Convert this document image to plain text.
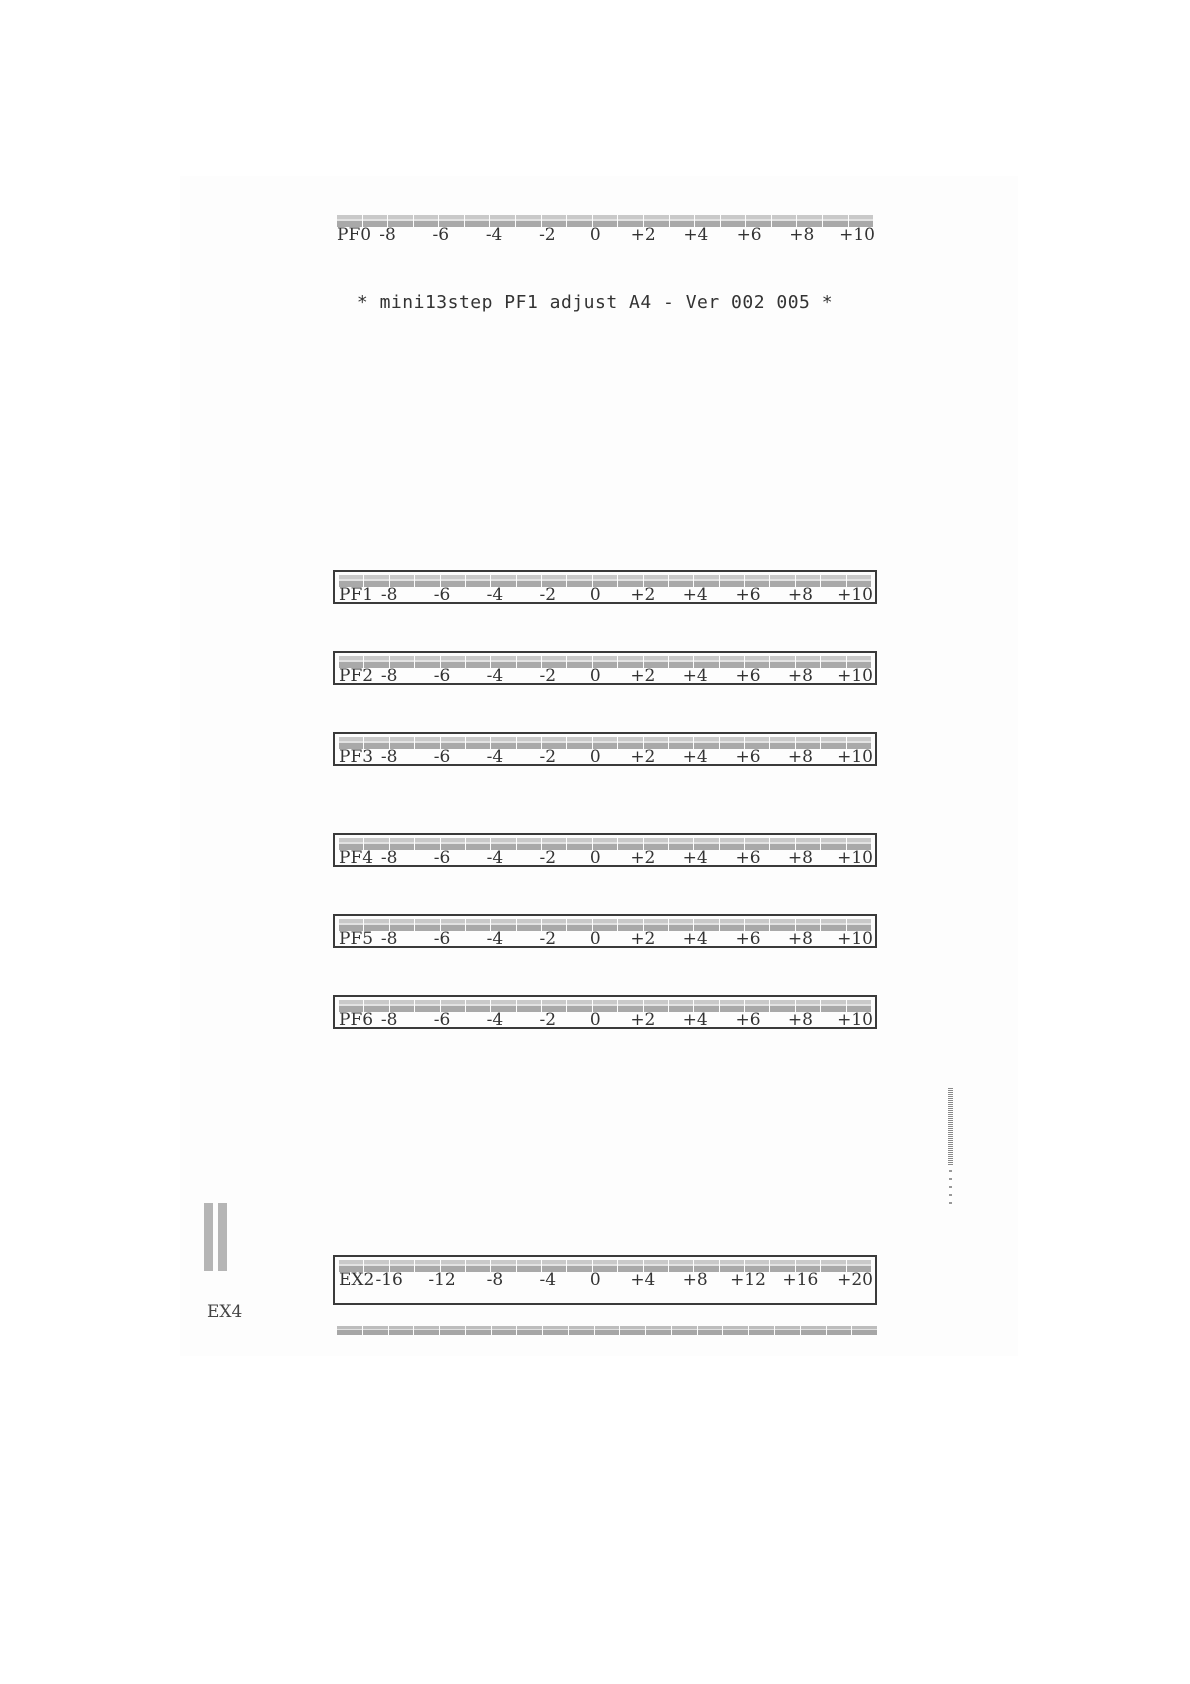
PF0 -8 -6 -4 -2 0 +2 +4 +6 +8 +10
* mini13step PF1 adjust A4 - Ver 002 005 *
PF1 -8 -6 -4 -2 0 +2 +4 +6 +8 +10
PF2 -8 -6 -4 -2 0 +2 +4 +6 +8 +10
PF3 -8 -6 -4 -2 0 +2 +4 +6 +8 +10
PF4 -8 -6 -4 -2 0 +2 +4 +6 +8 +10
PF5 -8 -6 -4 -2 0 +2 +4 +6 +8 +10
PF6 -8 -6 -4 -2 0 +2 +4 +6 +8 +10
EX2 -16 -12 -8 -4 0 +4 +8 +12 +16 +20
EX4
